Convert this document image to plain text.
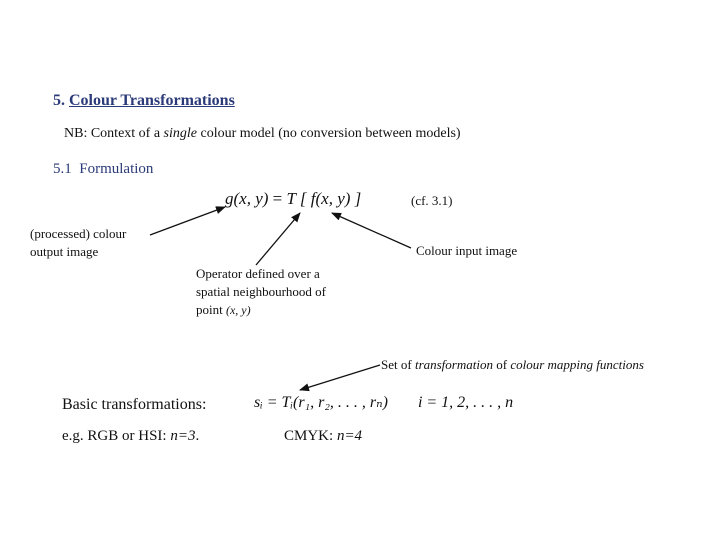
5. Colour Transformations
NB: Context of a single colour model (no conversion between models)
5.1 Formulation
g(x, y) = T [ f(x, y) ]	(cf. 3.1)
(processed) colour
output image
Operator defined over a
spatial neighbourhood of
point (x, y)
Colour input image
Set of transformation of colour mapping functions
Basic transformations:	sᵢ = Tᵢ(r₁, r₂, . . . , rₙ) i = 1, 2, . . . , n
e.g. RGB or HSI: n=3.	CMYK: n=4
